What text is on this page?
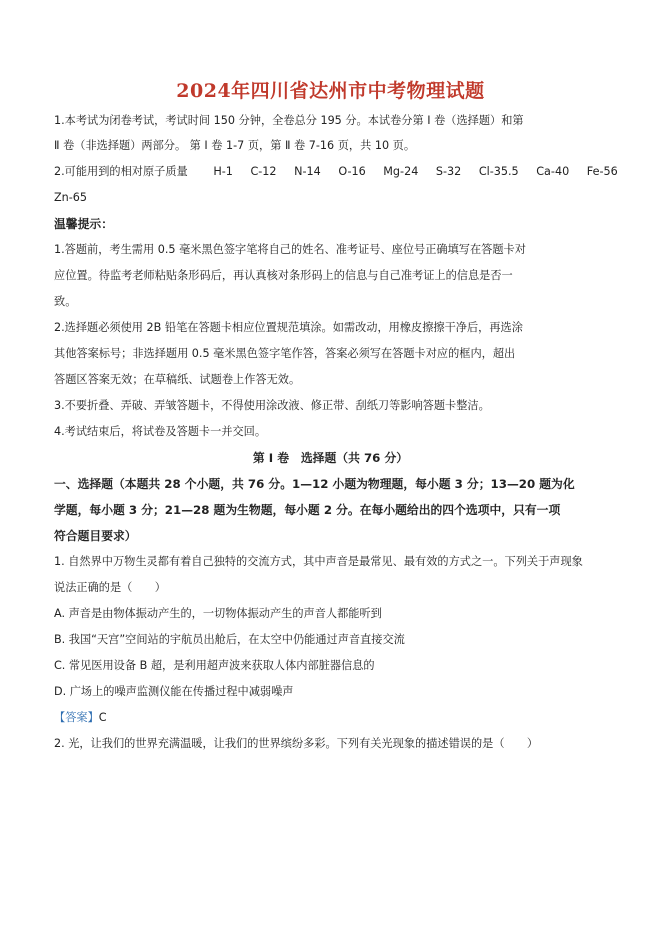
2024年四川省达州市中考物理试题
1.本考试为闭卷考试，考试时间 150 分钟，全卷总分 195 分。本试卷分第 Ⅰ 卷（选择题）和第
Ⅱ 卷（非选择题）两部分。 第 Ⅰ 卷 1-7 页，第 Ⅱ 卷 7-16 页，共 10 页。
2.可能用到的相对原子质量 H-1 C-12 N-14 O-16 Mg-24 S-32 Cl-35.5 Ca-40 Fe-56
Zn-65
温馨提示：
1.答题前，考生需用 0.5 毫米黑色签字笔将自己的姓名、准考证号、座位号正确填写在答题卡对
应位置。待监考老师粘贴条形码后，再认真核对条形码上的信息与自己准考证上的信息是否一
致。
2.选择题必须使用 2B 铅笔在答题卡相应位置规范填涂。如需改动，用橡皮擦擦干净后，再选涂
其他答案标号；非选择题用 0.5 毫米黑色签字笔作答，答案必须写在答题卡对应的框内，超出
答题区答案无效；在草稿纸、试题卷上作答无效。
3.不要折叠、弄破、弄皱答题卡，不得使用涂改液、修正带、刮纸刀等影响答题卡整洁。
4.考试结束后，将试卷及答题卡一并交回。
第 Ⅰ 卷　选择题（共 76 分）
一、选择题（本题共 28 个小题，共 76 分。1—12 小题为物理题，每小题 3 分；13—20 题为化
学题，每小题 3 分；21—28 题为生物题，每小题 2 分。在每小题给出的四个选项中，只有一项
符合题目要求）
1. 自然界中万物生灵都有着自己独特的交流方式，其中声音是最常见、最有效的方式之一。下列关于声现象
说法正确的是（　　）
A. 声音是由物体振动产生的，一切物体振动产生的声音人都能听到
B. 我国“天宫”空间站的宇航员出舱后，在太空中仍能通过声音直接交流
C. 常见医用设备 B 超，是利用超声波来获取人体内部脏器信息的
D. 广场上的噪声监测仪能在传播过程中减弱噪声
【答案】C
2. 光，让我们的世界充满温暖，让我们的世界缤纷多彩。下列有关光现象的描述错误的是（　　）
